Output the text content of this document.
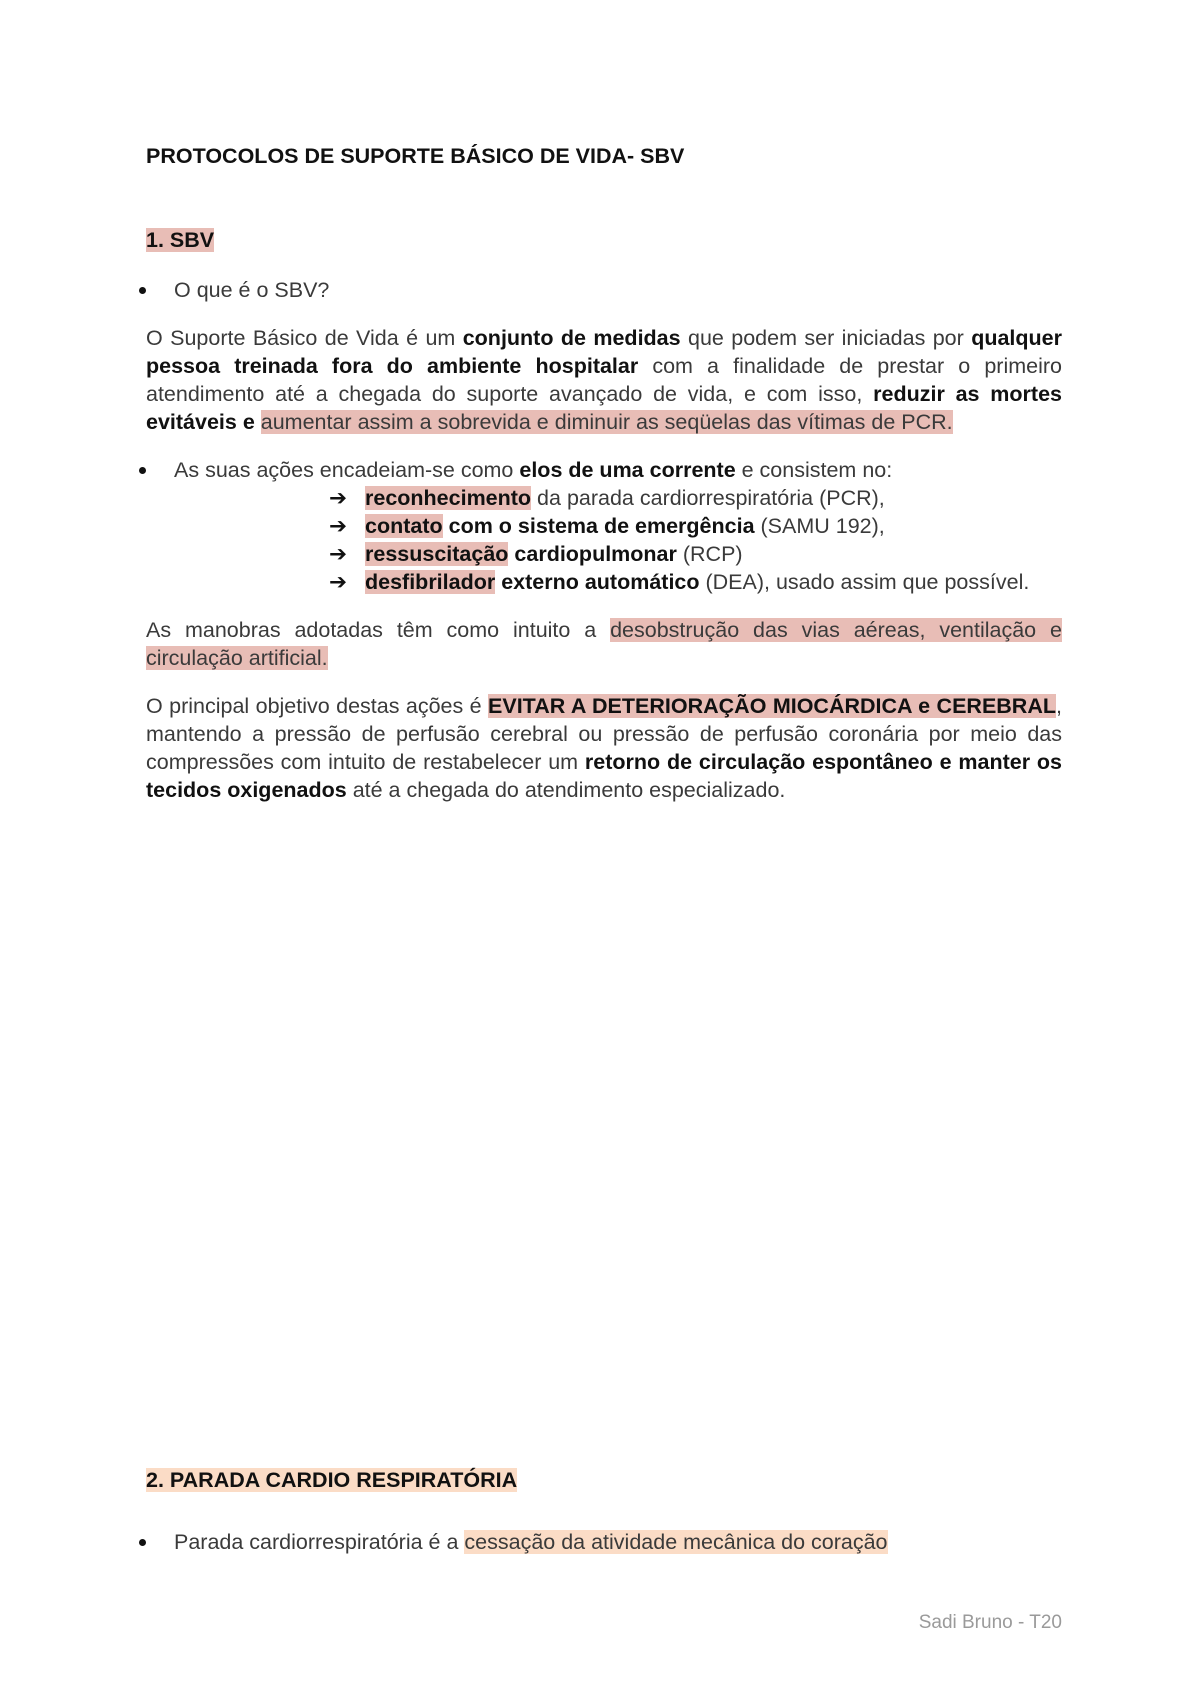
PROTOCOLOS DE SUPORTE BÁSICO DE VIDA- SBV
1. SBV
O que é o SBV?

O Suporte Básico de Vida é um conjunto de medidas que podem ser iniciadas por qualquer pessoa treinada fora do ambiente hospitalar com a finalidade de prestar o primeiro atendimento até a chegada do suporte avançado de vida, e com isso, reduzir as mortes evitáveis e aumentar assim a sobrevida e diminuir as seqüelas das vítimas de PCR.

As suas ações encadeiam-se como elos de uma corrente e consistem no:
➔ reconhecimento da parada cardiorrespiratória (PCR),
➔ contato com o sistema de emergência (SAMU 192),
➔ ressuscitação cardiopulmonar (RCP)
➔ desfibrilador externo automático (DEA), usado assim que possível.

As manobras adotadas têm como intuito a desobstrução das vias aéreas, ventilação e circulação artificial.

O principal objetivo destas ações é EVITAR A DETERIORAÇÃO MIOCÁRDICA e CEREBRAL, mantendo a pressão de perfusão cerebral ou pressão de perfusão coronária por meio das compressões com intuito de restabelecer um retorno de circulação espontâneo e manter os tecidos oxigenados até a chegada do atendimento especializado.

2. PARADA CARDIO RESPIRATÓRIA
Parada cardiorrespiratória é a cessação da atividade mecânica do coração
Sadi Bruno - T20
